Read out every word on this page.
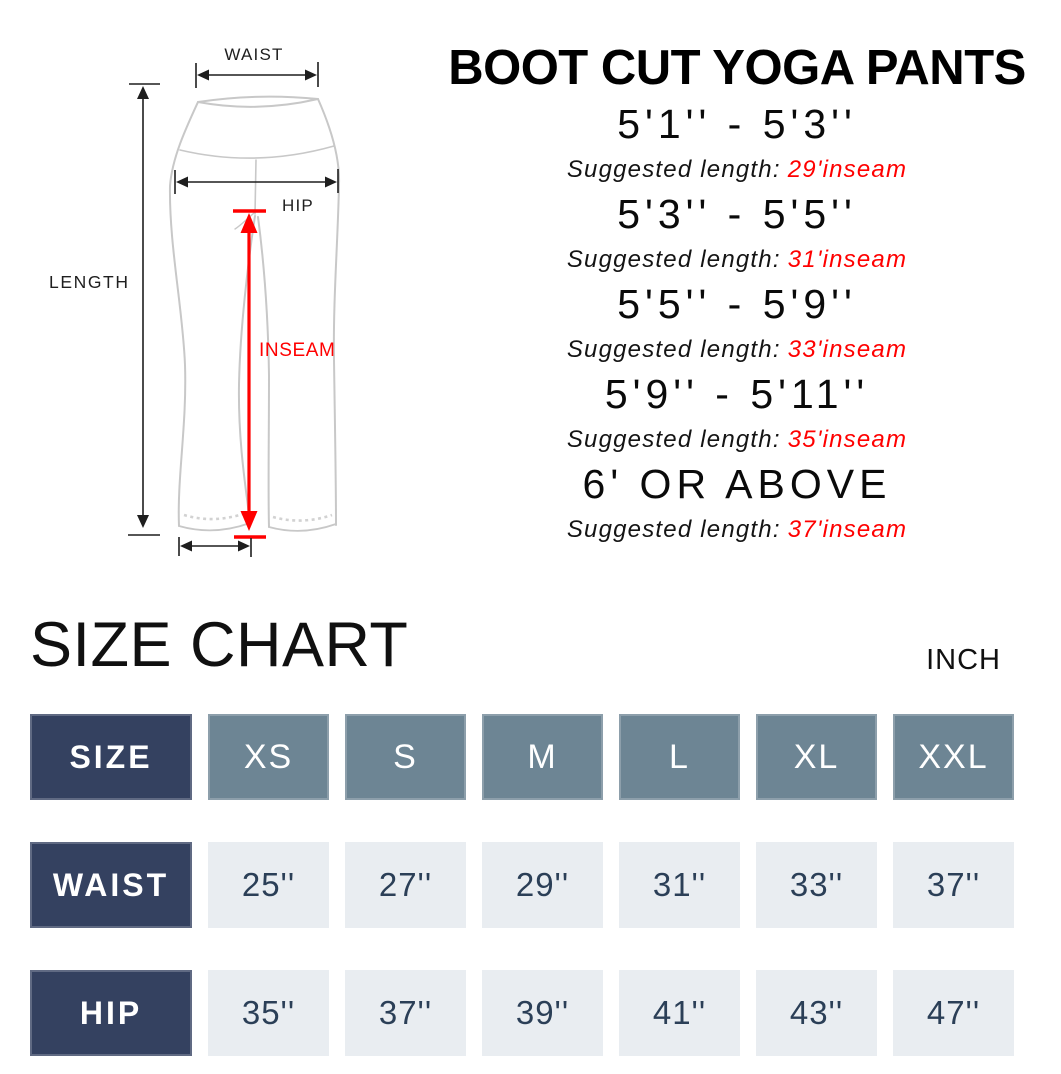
WAIST
HIP
LENGTH
INSEAM
BOOT CUT YOGA PANTS
5'1'' - 5'3''
Suggested length: 29'inseam
5'3'' - 5'5''
Suggested length: 31'inseam
5'5'' - 5'9''
Suggested length: 33'inseam
5'9'' - 5'11''
Suggested length: 35'inseam
6' OR ABOVE
Suggested length: 37'inseam
SIZE CHART	INCH
SIZE	XS	S	M	L	XL	XXL
WAIST	25''	27''	29''	31''	33''	37''
HIP	35''	37''	39''	41''	43''	47''
